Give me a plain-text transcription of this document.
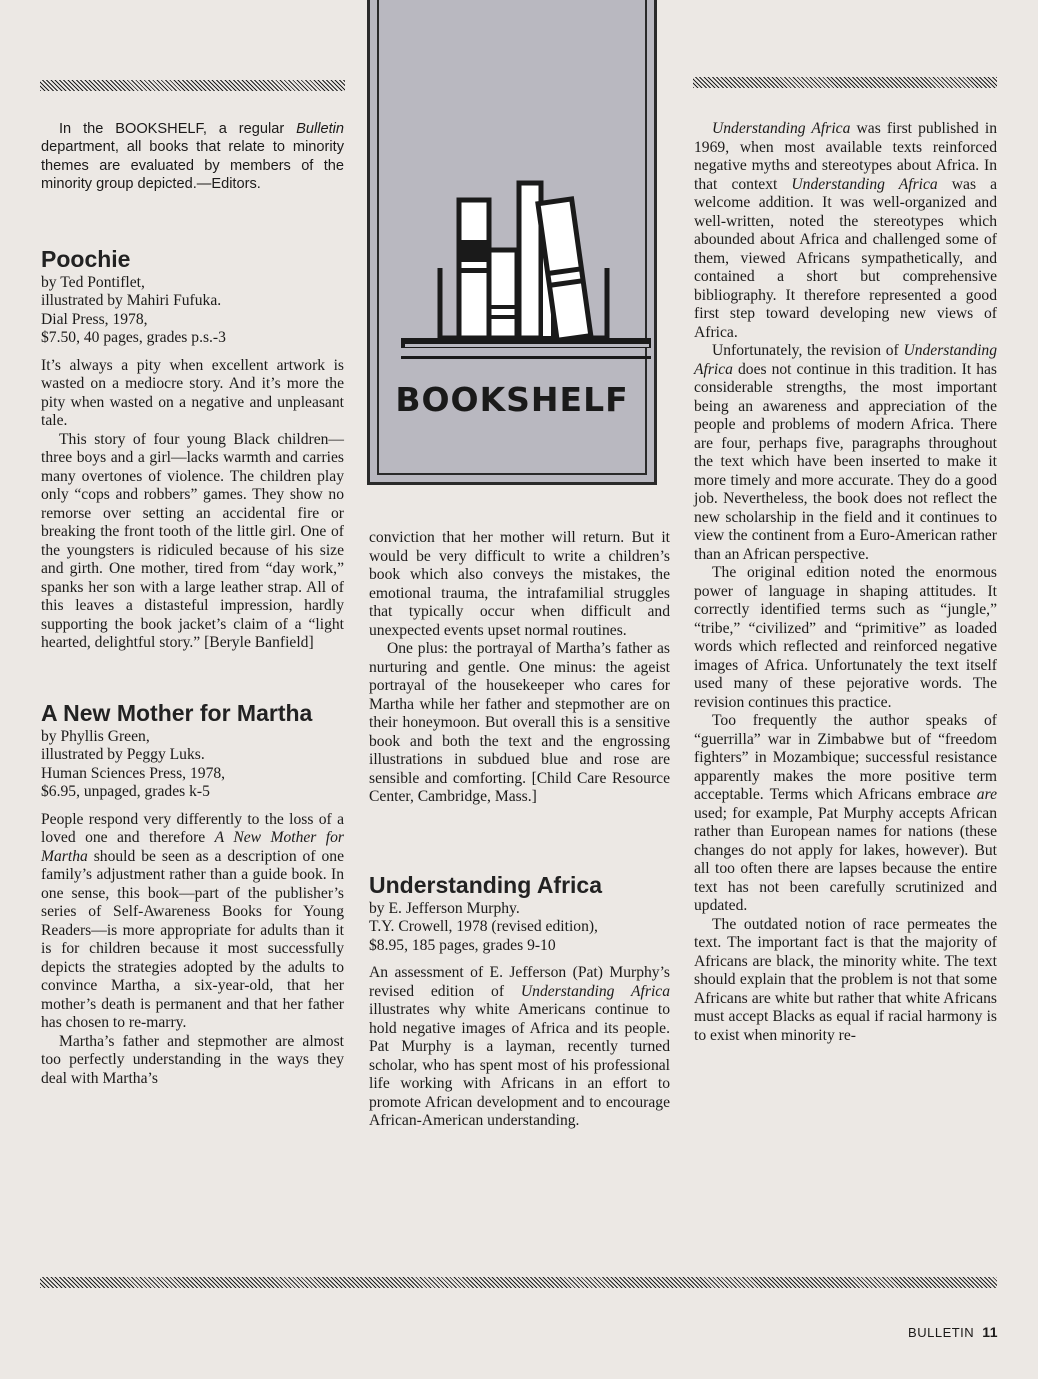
BOOKSHELF

In the BOOKSHELF, a regular Bulletin department, all books that relate to minority themes are evaluated by members of the minority group depicted.—Editors.

Poochie

by Ted Pontiflet,

illustrated by Mahiri Fufuka.

Dial Press, 1978,

$7.50, 40 pages, grades p.s.-3

It’s always a pity when excellent artwork is wasted on a mediocre story. And it’s more the pity when wasted on a negative and unpleasant tale.

This story of four young Black children—three boys and a girl—lacks warmth and carries many overtones of violence. The children play only “cops and robbers” games. They show no remorse over setting an accidental fire or breaking the front tooth of the little girl. One of the youngsters is ridiculed because of his size and girth. One mother, tired from “day work,” spanks her son with a large leather strap. All of this leaves a distasteful impression, hardly supporting the book jacket’s claim of a “light hearted, delightful story.” [Beryle Banfield]

A New Mother for Martha

by Phyllis Green,

illustrated by Peggy Luks.

Human Sciences Press, 1978,

$6.95, unpaged, grades k-5

People respond very differently to the loss of a loved one and therefore A New Mother for Martha should be seen as a description of one family’s adjustment rather than a guide book. In one sense, this book—part of the publisher’s series of Self-Awareness Books for Young Readers—is more appropriate for adults than it is for children because it most successfully depicts the strategies adopted by the adults to convince Martha, a six-year-old, that her mother’s death is permanent and that her father has chosen to re-marry.

Martha’s father and stepmother are almost too perfectly understanding in the ways they deal with Martha’s

conviction that her mother will return. But it would be very difficult to write a children’s book which also conveys the mistakes, the emotional trauma, the intrafamilial struggles that typically occur when difficult and unexpected events upset normal routines.

One plus: the portrayal of Martha’s father as nurturing and gentle. One minus: the ageist portrayal of the housekeeper who cares for Martha while her father and stepmother are on their honeymoon. But overall this is a sensitive book and both the text and the engrossing illustrations in subdued blue and rose are sensible and comforting. [Child Care Resource Center, Cambridge, Mass.]

Understanding Africa

by E. Jefferson Murphy.

T.Y. Crowell, 1978 (revised edition),

$8.95, 185 pages, grades 9-10

An assessment of E. Jefferson (Pat) Murphy’s revised edition of Understanding Africa illustrates why white Americans continue to hold negative images of Africa and its people. Pat Murphy is a layman, recently turned scholar, who has spent most of his professional life working with Africans in an effort to promote African development and to encourage African-American understanding.

Understanding Africa was first published in 1969, when most available texts reinforced negative myths and stereotypes about Africa. In that context Understanding Africa was a welcome addition. It was well-organized and well-written, noted the stereotypes which abounded about Africa and challenged some of them, viewed Africans sympathetically, and contained a short but comprehensive bibliography. It therefore represented a good first step toward developing new views of Africa.

Unfortunately, the revision of Understanding Africa does not continue in this tradition. It has considerable strengths, the most important being an awareness and appreciation of the people and problems of modern Africa. There are four, perhaps five, paragraphs throughout the text which have been inserted to make it more timely and more accurate. They do a good job. Nevertheless, the book does not reflect the new scholarship in the field and it continues to view the continent from a Euro-American rather than an African perspective.

The original edition noted the enormous power of language in shaping attitudes. It correctly identified terms such as “jungle,” “tribe,” “civilized” and “primitive” as loaded words which reflected and reinforced negative images of Africa. Unfortunately the text itself used many of these pejorative words. The revision continues this practice.

Too frequently the author speaks of “guerrilla” war in Zimbabwe but of “freedom fighters” in Mozambique; successful resistance apparently makes the more positive term acceptable. Terms which Africans embrace are used; for example, Pat Murphy accepts African rather than European names for nations (these changes do not apply for lakes, however). But all too often there are lapses because the entire text has not been carefully scrutinized and updated.

The outdated notion of race permeates the text. The important fact is that the majority of Africans are black, the minority white. The text should explain that the problem is not that some Africans are white but rather that white Africans must accept Blacks as equal if racial harmony is to exist when minority re-

BULLETIN 11
